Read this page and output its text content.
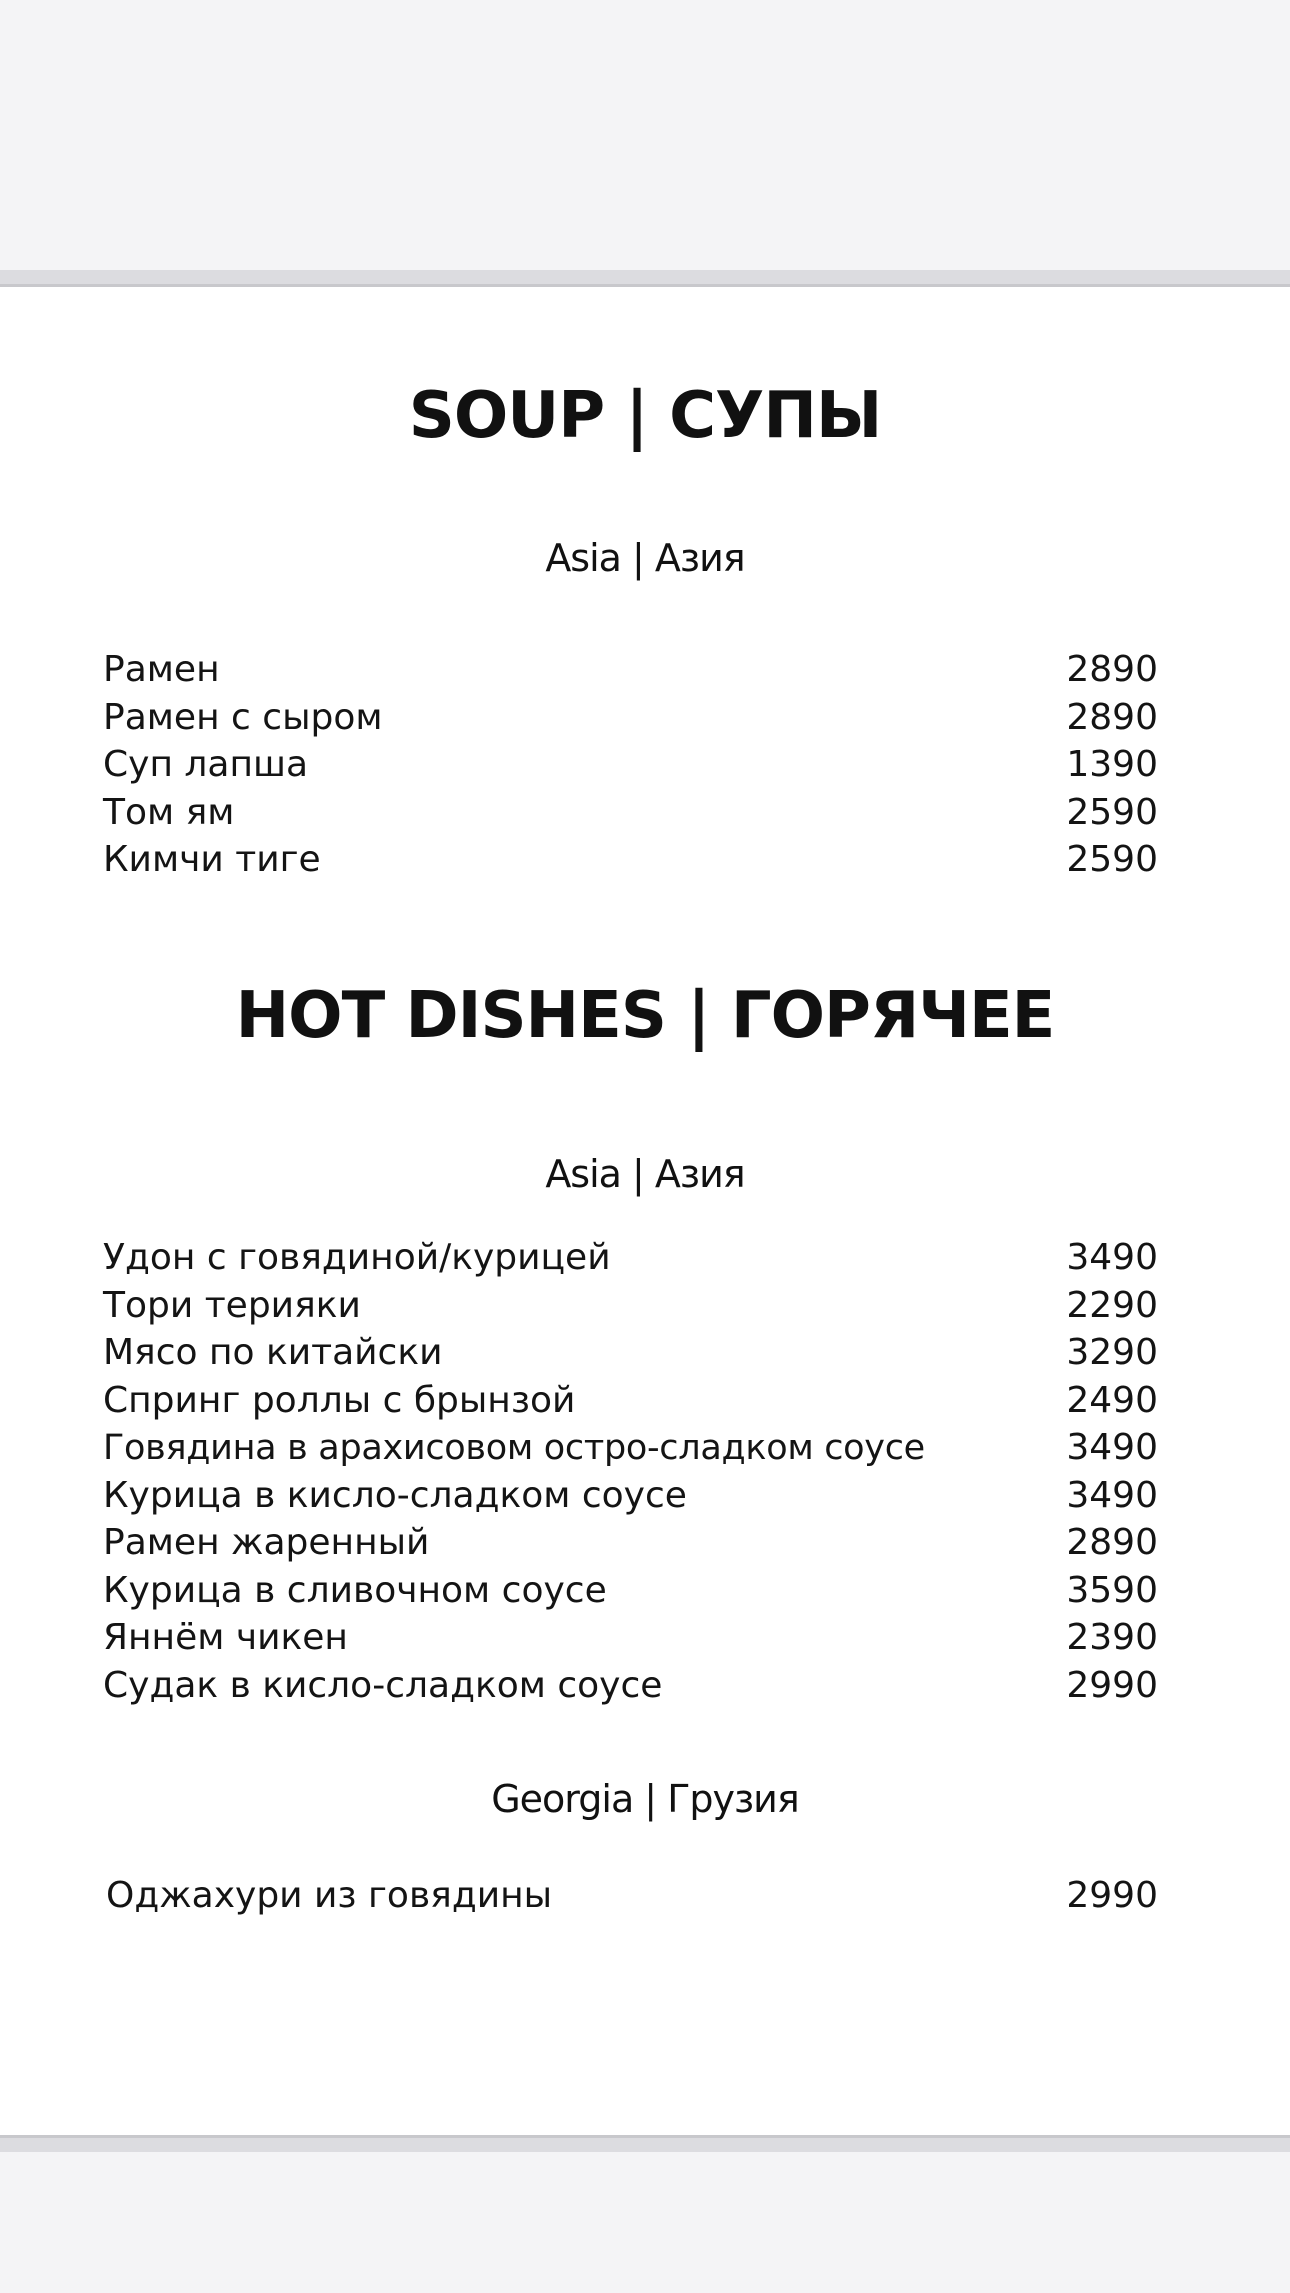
SOUP | СУПЫ
Asia | Азия
Рамен	2890
Рамен с сыром	2890
Суп лапша	1390
Том ям	2590
Кимчи тиге	2590
HOT DISHES | ГОРЯЧЕЕ
Asia | Азия
Удон с говядиной/курицей	3490
Тори терияки	2290
Мясо по китайски	3290
Спринг роллы с брынзой	2490
Говядина в арахисовом остро-сладком соусе	3490
Курица в кисло-сладком соусе	3490
Рамен жаренный	2890
Курица в сливочном соусе	3590
Яннём чикен	2390
Судак в кисло-сладком соусе	2990
Georgia | Грузия
Оджахури из говядины	2990
